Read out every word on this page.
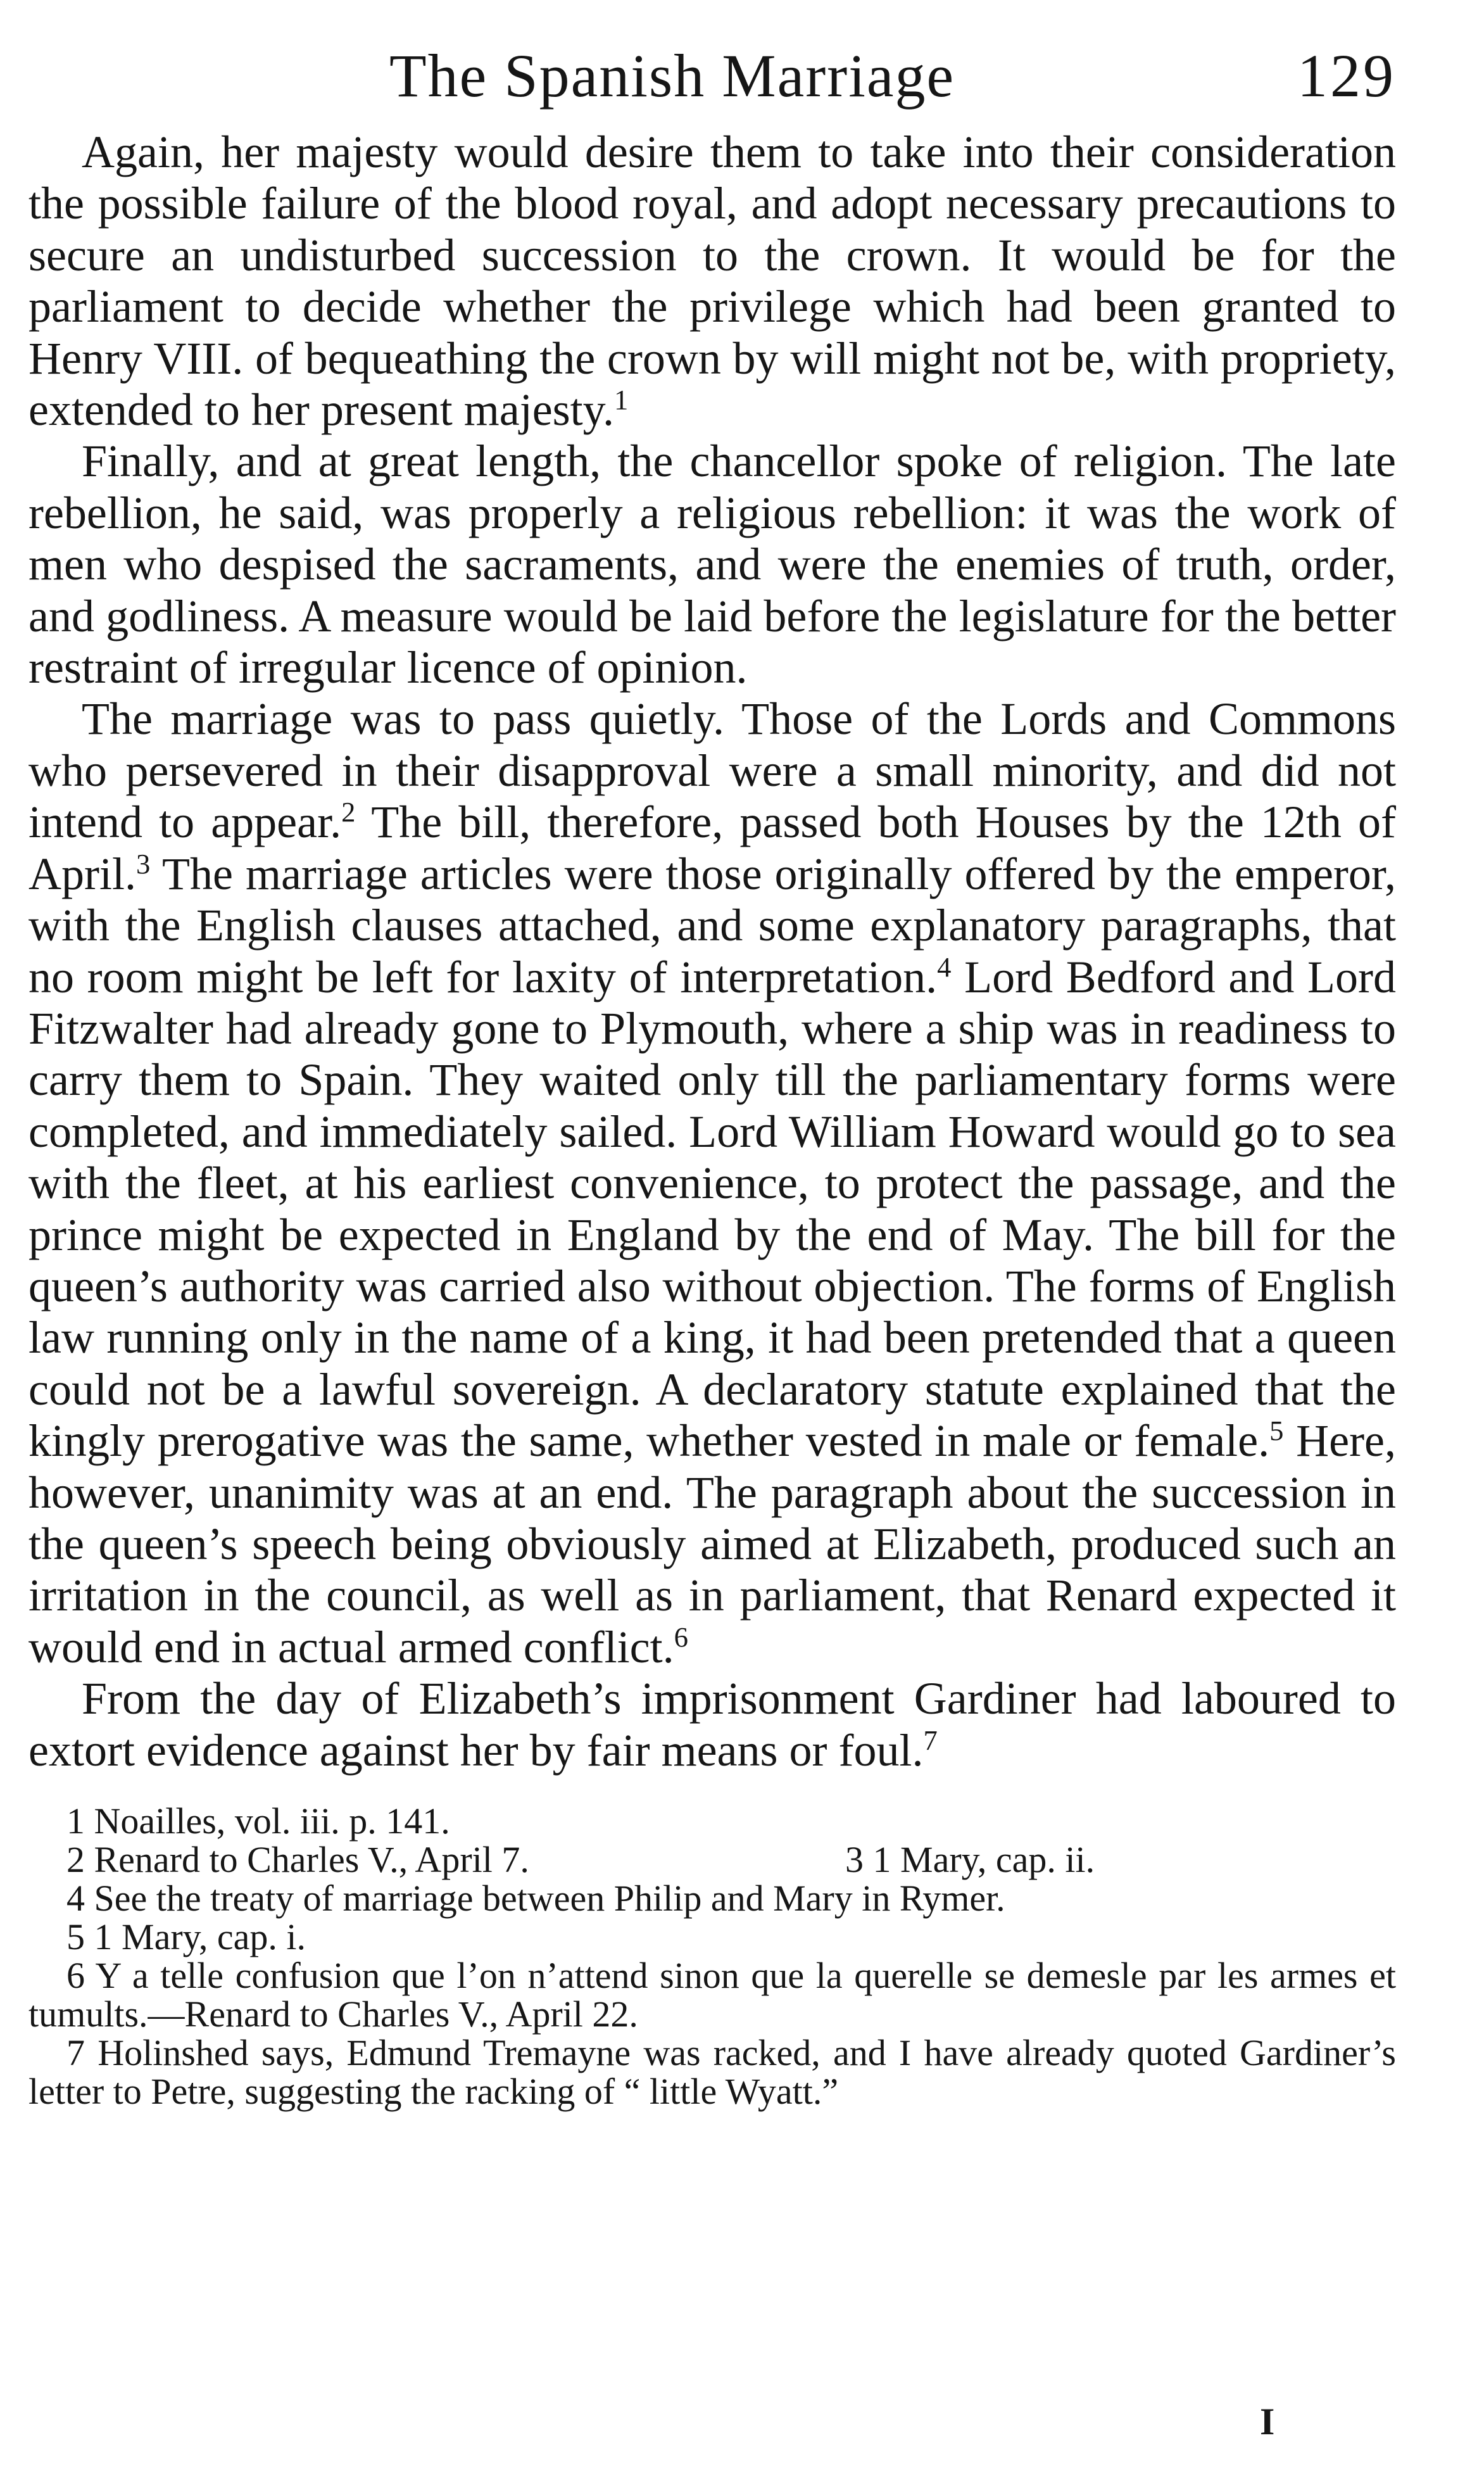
The Spanish Marriage	129

Again, her majesty would desire them to take into their consideration the possible failure of the blood royal, and adopt necessary precautions to secure an undisturbed succession to the crown. It would be for the parliament to decide whether the privilege which had been granted to Henry VIII. of bequeathing the crown by will might not be, with propriety, extended to her present majesty.$^1$

Finally, and at great length, the chancellor spoke of religion. The late rebellion, he said, was properly a religious rebellion: it was the work of men who despised the sacraments, and were the enemies of truth, order, and godliness. A measure would be laid before the legislature for the better restraint of irregular licence of opinion.

The marriage was to pass quietly. Those of the Lords and Commons who persevered in their disapproval were a small minority, and did not intend to appear.$^2$ The bill, therefore, passed both Houses by the 12th of April.$^3$ The marriage articles were those originally offered by the emperor, with the English clauses attached, and some explanatory paragraphs, that no room might be left for laxity of interpretation.$^4$ Lord Bedford and Lord Fitzwalter had already gone to Plymouth, where a ship was in readiness to carry them to Spain. They waited only till the parliamentary forms were completed, and immediately sailed. Lord William Howard would go to sea with the fleet, at his earliest convenience, to protect the passage, and the prince might be expected in England by the end of May. The bill for the queen’s authority was carried also without objection. The forms of English law running only in the name of a king, it had been pretended that a queen could not be a lawful sovereign. A declaratory statute explained that the kingly prerogative was the same, whether vested in male or female.$^5$ Here, however, unanimity was at an end. The paragraph about the succession in the queen’s speech being obviously aimed at Elizabeth, produced such an irritation in the council, as well as in parliament, that Renard expected it would end in actual armed conflict.$^6$

From the day of Elizabeth’s imprisonment Gardiner had laboured to extort evidence against her by fair means or foul.$^7$

1 Noailles, vol. iii. p. 141.

2 Renard to Charles V., April 7.	3 1 Mary, cap. ii.

4 See the treaty of marriage between Philip and Mary in Rymer.

5 1 Mary, cap. i.

6 Y a telle confusion que l’on n’attend sinon que la querelle se demesle par les armes et tumults.—Renard to Charles V., April 22.

7 Holinshed says, Edmund Tremayne was racked, and I have already quoted Gardiner’s letter to Petre, suggesting the racking of “ little Wyatt.”

I
